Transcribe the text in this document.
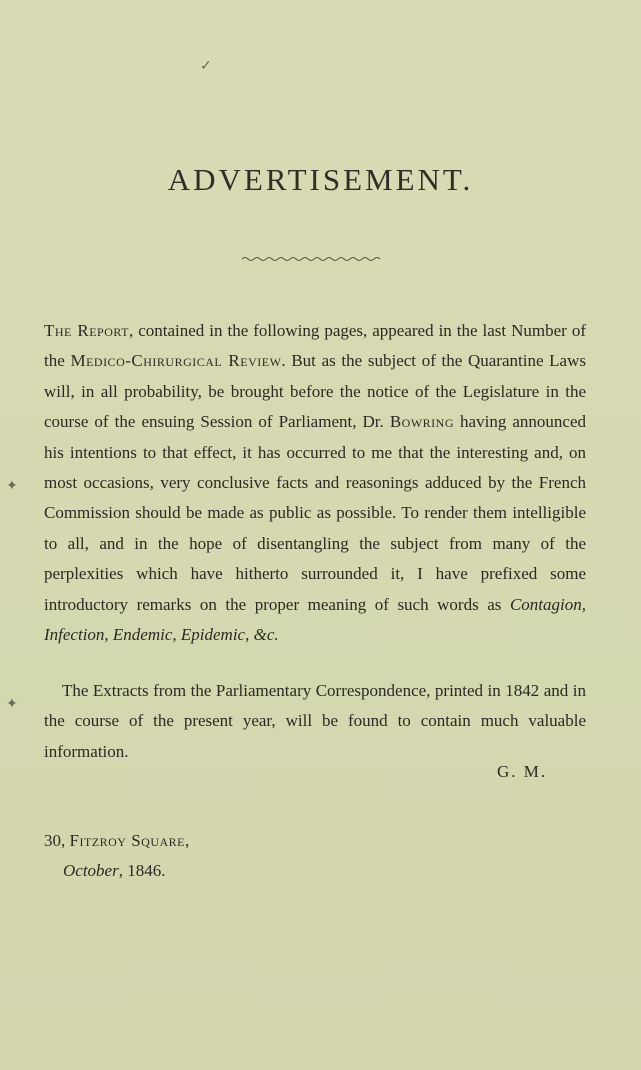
ADVERTISEMENT.
The Report, contained in the following pages, appeared in the last Number of the Medico-Chirurgical Review. But as the subject of the Quarantine Laws will, in all probability, be brought before the notice of the Legislature in the course of the ensuing Session of Parliament, Dr. Bowring having announced his intentions to that effect, it has occurred to me that the interesting and, on most occasions, very conclusive facts and reasonings adduced by the French Commission should be made as public as possible. To render them intelligible to all, and in the hope of disentangling the subject from many of the perplexities which have hitherto surrounded it, I have prefixed some introductory remarks on the proper meaning of such words as Contagion, Infection, Endemic, Epidemic, &c.
The Extracts from the Parliamentary Correspondence, printed in 1842 and in the course of the present year, will be found to contain much valuable information.
G. M.
30, Fitzroy Square,
October, 1846.
✓
✦
✦
